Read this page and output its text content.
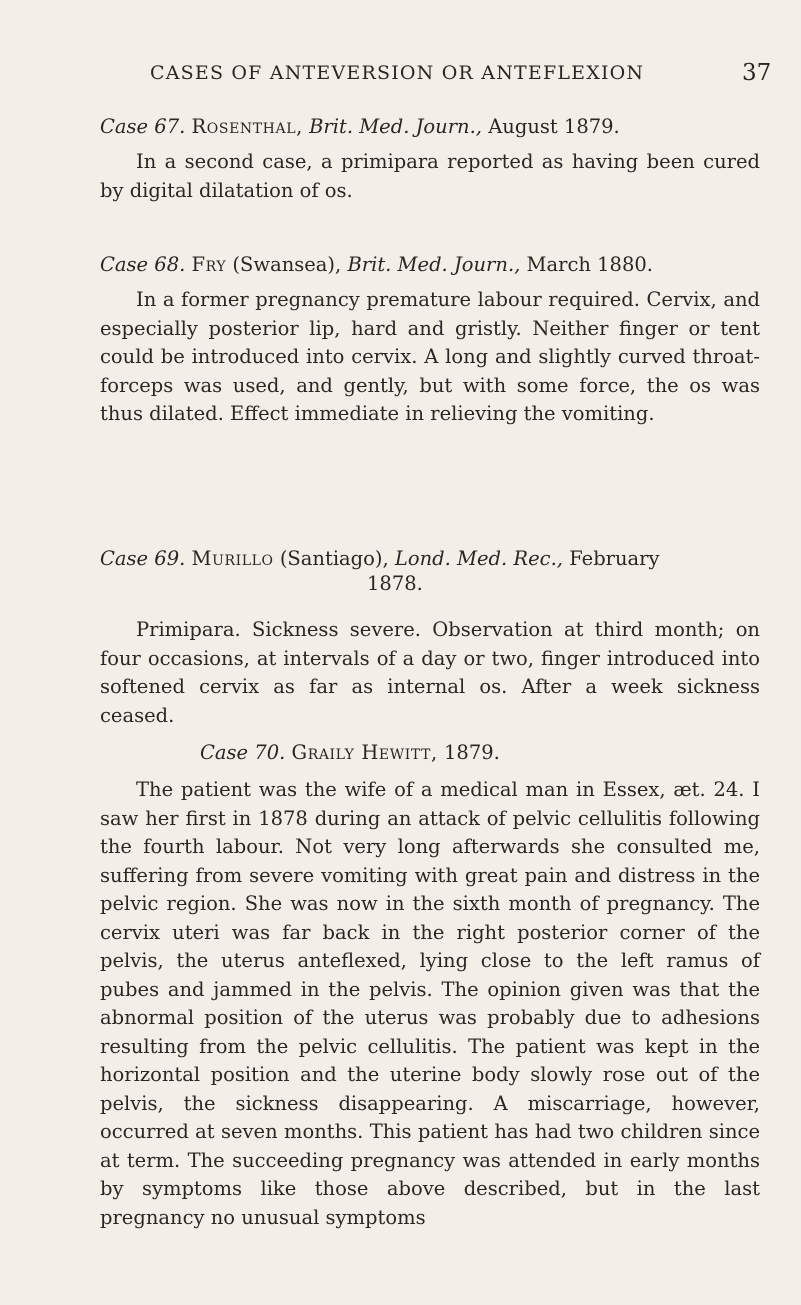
CASES OF ANTEVERSION OR ANTEFLEXION	37
Case 67. Rosenthal, Brit. Med. Journ., August 1879.

In a second case, a primipara reported as having been cured by digital dilatation of os.

Case 68. Fry (Swansea), Brit. Med. Journ., March 1880.

In a former pregnancy premature labour required. Cervix, and especially posterior lip, hard and gristly. Neither finger or tent could be introduced into cervix. A long and slightly curved throat-forceps was used, and gently, but with some force, the os was thus dilated. Effect immediate in relieving the vomiting.

Case 69. Murillo (Santiago), Lond. Med. Rec., February
1878.

Primipara. Sickness severe. Observation at third month; on four occasions, at intervals of a day or two, finger introduced into softened cervix as far as internal os. After a week sickness ceased.

Case 70. Graily Hewitt, 1879.

The patient was the wife of a medical man in Essex, æt. 24. I saw her first in 1878 during an attack of pelvic cellulitis following the fourth labour. Not very long afterwards she consulted me, suffering from severe vomiting with great pain and distress in the pelvic region. She was now in the sixth month of pregnancy. The cervix uteri was far back in the right posterior corner of the pelvis, the uterus anteflexed, lying close to the left ramus of pubes and jammed in the pelvis. The opinion given was that the abnormal position of the uterus was probably due to adhesions resulting from the pelvic cellulitis. The patient was kept in the horizontal position and the uterine body slowly rose out of the pelvis, the sickness disappearing. A miscarriage, however, occurred at seven months. This patient has had two children since at term. The succeeding pregnancy was attended in early months by symptoms like those above described, but in the last pregnancy no unusual symptoms
